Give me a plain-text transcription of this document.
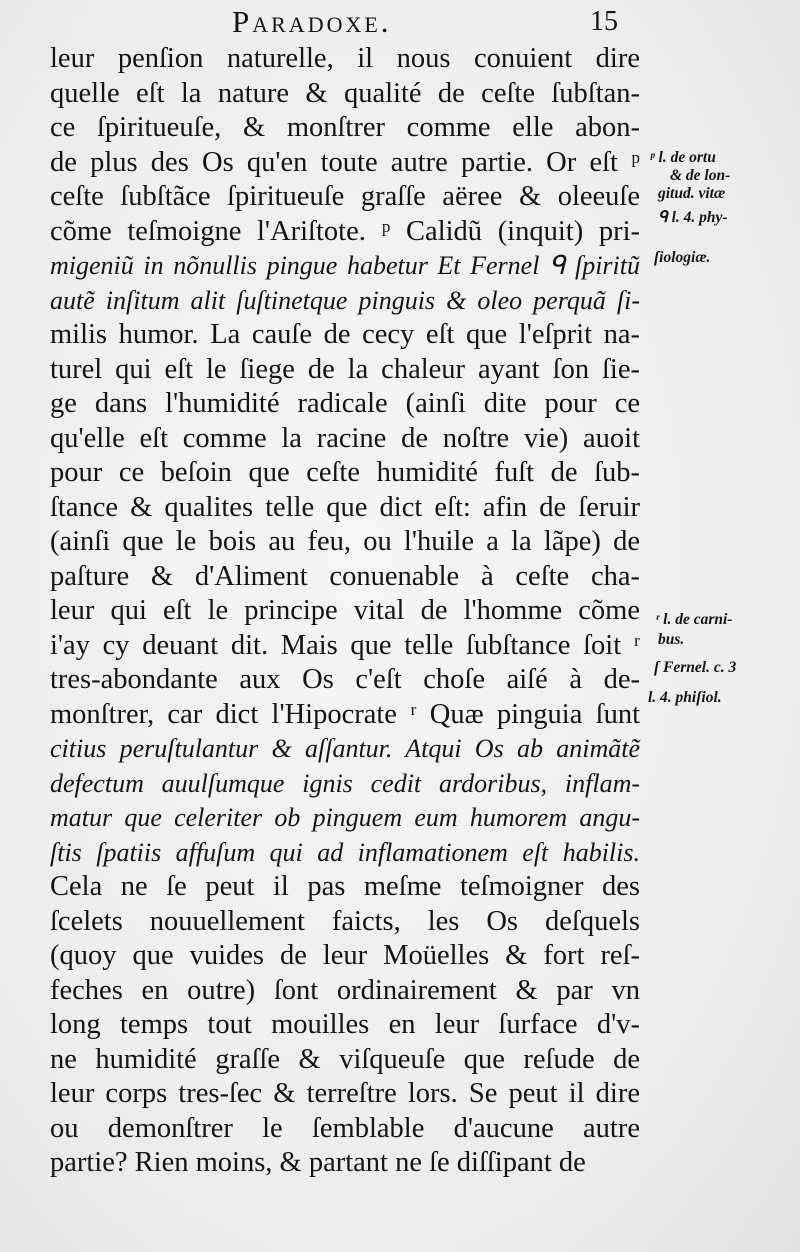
Paradoxe.	15
leur penſion naturelle, il nous conuient dire
quelle eſt la nature & qualité de ceſte ſubſtan-
ce ſpiritueuſe, & monſtrer comme elle abon-
de plus des Os qu'en toute autre partie. Or eſt ᵖ
ceſte ſubſtãce ſpiritueuſe graſſe aëree & oleeuſe
cõme teſmoigne l'Ariſtote. ᵖ Calidũ (inquit) pri-
migeniũ in nõnullis pingue habetur Et Fernel ᑫ ſpiritũ
autẽ inſitum alit ſuſtinetque pinguis & oleo perquã ſi-
milis humor. La cauſe de cecy eſt que l'eſprit na-
turel qui eſt le ſiege de la chaleur ayant ſon ſie-
ge dans l'humidité radicale (ainſi dite pour ce
qu'elle eſt comme la racine de noſtre vie) auoit
pour ce beſoin que ceſte humidité fuſt de ſub-
ſtance & qualites telle que dict eſt: afin de ſeruir
(ainſi que le bois au feu, ou l'huile a la lãpe) de
paſture & d'Aliment conuenable à ceſte cha-
leur qui eſt le principe vital de l'homme cõme
i'ay cy deuant dit. Mais que telle ſubſtance ſoit ʳ
tres-abondante aux Os c'eſt choſe aiſé à de-
monſtrer, car dict l'Hipocrate ʳ Quæ pinguia ſunt
citius peruſtulantur & aſſantur. Atqui Os ab animãtẽ
defectum auulſumque ignis cedit ardoribus, inflam-
matur que celeriter ob pinguem eum humorem angu-
ſtis ſpatiis affuſum qui ad inflamationem eſt habilis.
Cela ne ſe peut il pas meſme teſmoigner des
ſcelets nouuellement faicts, les Os deſquels
(quoy que vuides de leur Moüelles & fort reſ-
feches en outre) ſont ordinairement & par vn
long temps tout mouilles en leur ſurface d'v-
ne humidité graſſe & viſqueuſe que reſude de
leur corps tres-ſec & terreſtre lors. Se peut il dire
ou demonſtrer le ſemblable d'aucune autre
partie? Rien moins, & partant ne ſe diſſipant de
ᵖ l. de ortu
& de lon-
gitud. vitæ
ᑫ l. 4. phy-
ſiologiæ.
ʳ l. de carni-
bus.
ſ Fernel. c. 3
l. 4. phiſiol.
